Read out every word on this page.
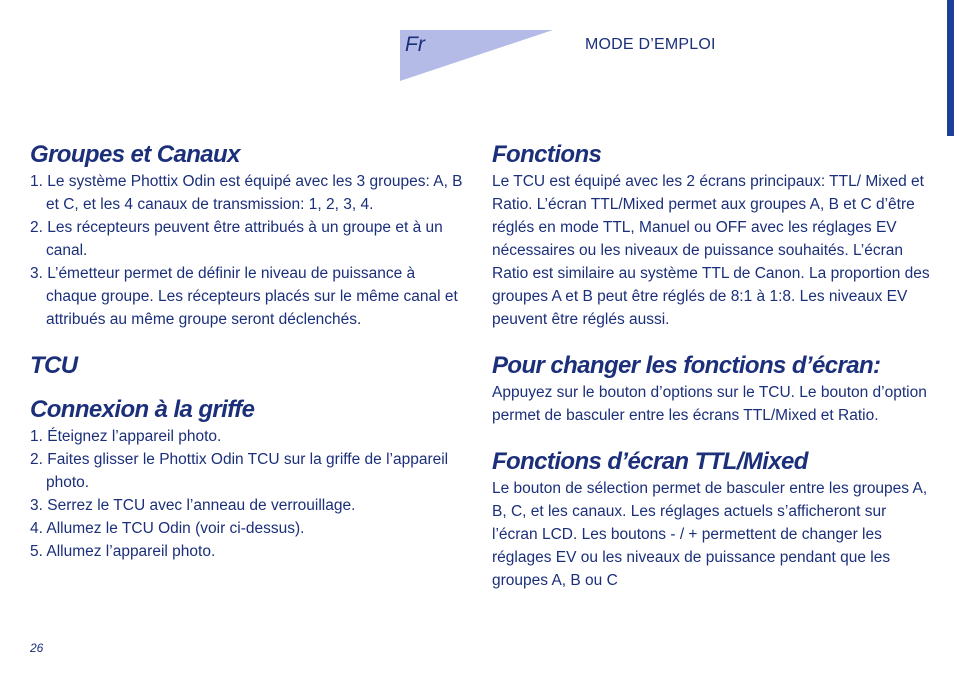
Fr	MODE D’EMPLOI
Groupes et Canaux
1. Le système Phottix Odin est équipé avec les 3 groupes: A, B et C, et les 4 canaux de transmission: 1, 2, 3, 4.
2. Les récepteurs peuvent être attribués à un groupe et à un canal.
3. L’émetteur permet de définir le niveau de puissance à chaque groupe. Les récepteurs placés sur le même canal et attribués au même groupe seront déclenchés.
TCU
Connexion à la griffe
1. Éteignez l’appareil photo.
2. Faites glisser le Phottix Odin TCU sur la griffe de l’appareil photo.
3. Serrez le TCU avec l’anneau de verrouillage.
4. Allumez le TCU Odin (voir ci-dessus).
5. Allumez l’appareil photo.
Fonctions

Le TCU est équipé avec les 2 écrans principaux: TTL/ Mixed et Ratio. L’écran TTL/Mixed permet aux groupes A, B et C d’être réglés en mode TTL, Manuel ou OFF avec les réglages EV nécessaires ou les niveaux de puissance souhaités. L’écran Ratio est similaire au système TTL de Canon. La proportion des groupes A et B peut être réglés de 8:1 à 1:8. Les niveaux EV peuvent être réglés aussi.

Pour changer les fonctions d’écran:

Appuyez sur le bouton d’options sur le TCU. Le bouton d’option permet de basculer entre les écrans TTL/Mixed et Ratio.

Fonctions d’écran TTL/Mixed

Le bouton de sélection permet de basculer entre les groupes A, B, C, et les canaux. Les réglages actuels s’afficheront sur l’écran LCD. Les boutons - / + permettent de changer les réglages EV ou les niveaux de puissance pendant que les groupes A, B ou C

26
